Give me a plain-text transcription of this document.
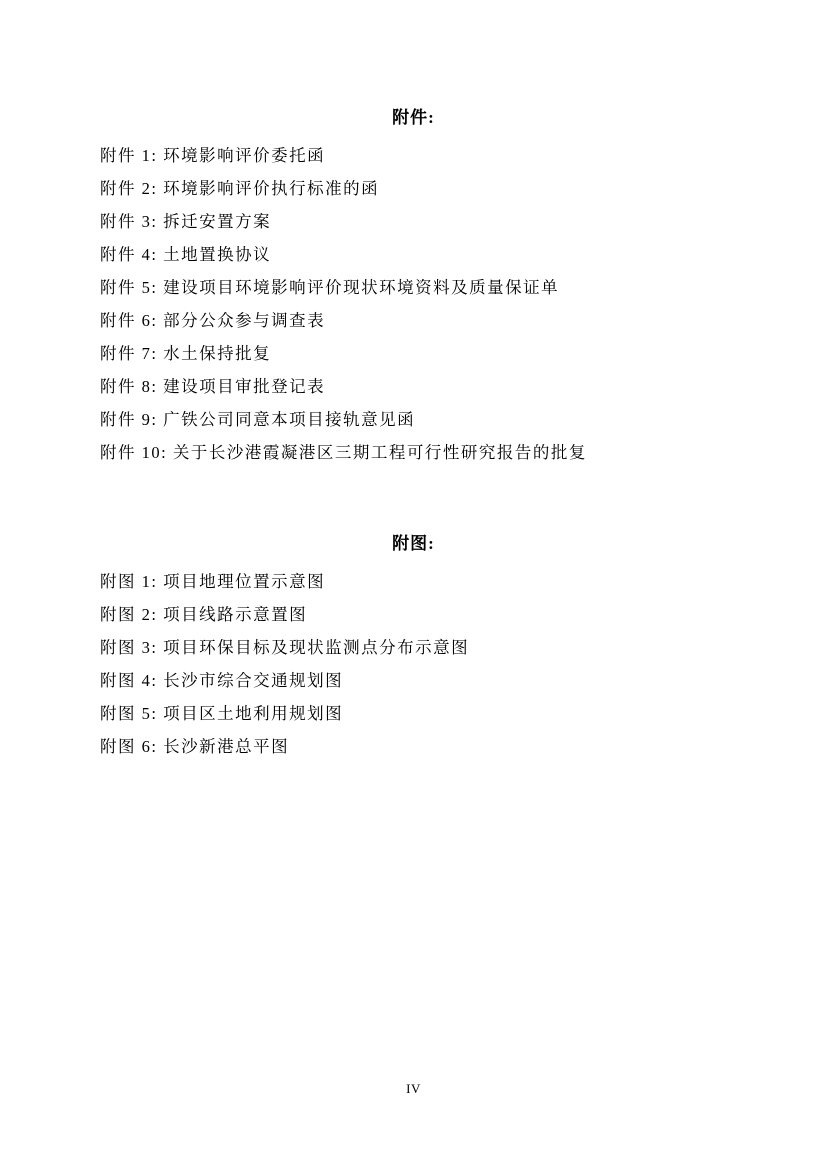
附件:
附件 1: 环境影响评价委托函
附件 2: 环境影响评价执行标准的函
附件 3: 拆迁安置方案
附件 4: 土地置换协议
附件 5: 建设项目环境影响评价现状环境资料及质量保证单
附件 6: 部分公众参与调查表
附件 7: 水土保持批复
附件 8: 建设项目审批登记表
附件 9: 广铁公司同意本项目接轨意见函
附件 10: 关于长沙港霞凝港区三期工程可行性研究报告的批复
附图:
附图 1: 项目地理位置示意图
附图 2: 项目线路示意置图
附图 3: 项目环保目标及现状监测点分布示意图
附图 4: 长沙市综合交通规划图
附图 5: 项目区土地利用规划图
附图 6: 长沙新港总平图
IV
